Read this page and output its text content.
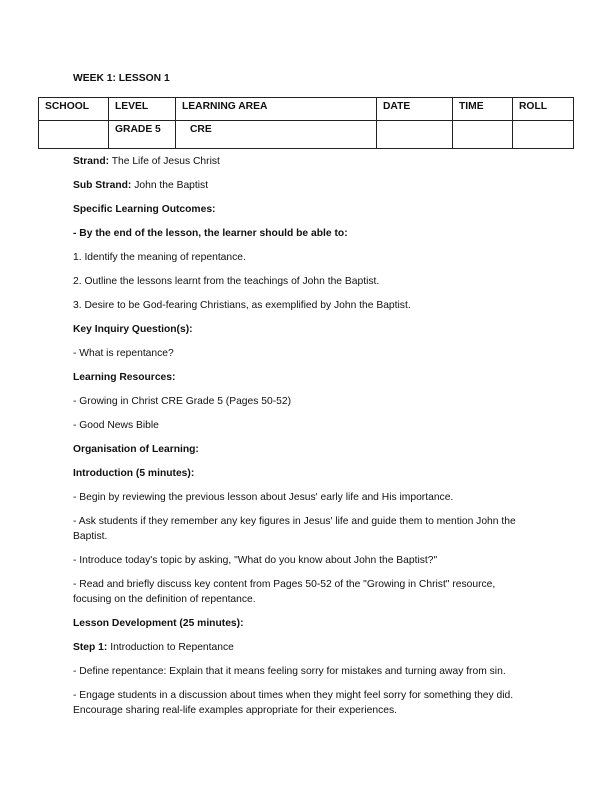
WEEK 1: LESSON 1
SCHOOL	LEVEL	LEARNING AREA	DATE	TIME	ROLL
	GRADE 5	CRE			

Strand: The Life of Jesus Christ

Sub Strand: John the Baptist

Specific Learning Outcomes:

- By the end of the lesson, the learner should be able to:

1. Identify the meaning of repentance.

2. Outline the lessons learnt from the teachings of John the Baptist.

3. Desire to be God-fearing Christians, as exemplified by John the Baptist.

Key Inquiry Question(s):

- What is repentance?

Learning Resources:

- Growing in Christ CRE Grade 5 (Pages 50-52)

- Good News Bible

Organisation of Learning:

Introduction (5 minutes):

- Begin by reviewing the previous lesson about Jesus' early life and His importance.

- Ask students if they remember any key figures in Jesus' life and guide them to mention John the Baptist.

- Introduce today's topic by asking, "What do you know about John the Baptist?"

- Read and briefly discuss key content from Pages 50-52 of the "Growing in Christ" resource, focusing on the definition of repentance.

Lesson Development (25 minutes):

Step 1: Introduction to Repentance

- Define repentance: Explain that it means feeling sorry for mistakes and turning away from sin.

- Engage students in a discussion about times when they might feel sorry for something they did. Encourage sharing real-life examples appropriate for their experiences.
